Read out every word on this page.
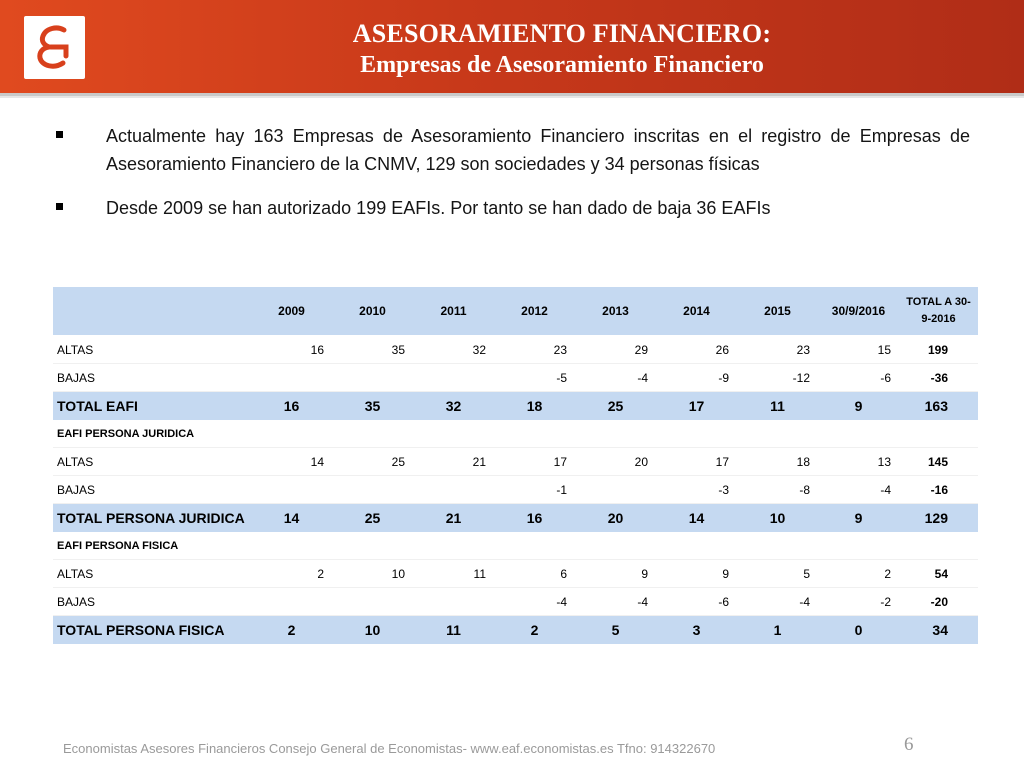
ASESORAMIENTO FINANCIERO:
Empresas de Asesoramiento Financiero
Actualmente hay 163 Empresas de Asesoramiento Financiero inscritas en el registro de Empresas de Asesoramiento Financiero de la CNMV, 129 son sociedades y 34 personas físicas
Desde 2009 se han autorizado 199 EAFIs. Por tanto se han dado de baja 36 EAFIs
	2009	2010	2011	2012	2013	2014	2015	30/9/2016	TOTAL A 30-9-2016
ALTAS	16	35	32	23	29	26	23	15	199
BAJAS				-5	-4	-9	-12	-6	-36
TOTAL EAFI	16	35	32	18	25	17	11	9	163
EAFI PERSONA JURIDICA									
ALTAS	14	25	21	17	20	17	18	13	145
BAJAS				-1		-3	-8	-4	-16
TOTAL PERSONA JURIDICA	14	25	21	16	20	14	10	9	129
EAFI PERSONA FISICA									
ALTAS	2	10	11	6	9	9	5	2	54
BAJAS				-4	-4	-6	-4	-2	-20
TOTAL PERSONA FISICA	2	10	11	2	5	3	1	0	34
Economistas Asesores Financieros Consejo General de Economistas- www.eaf.economistas.es Tfno: 914322670	6
